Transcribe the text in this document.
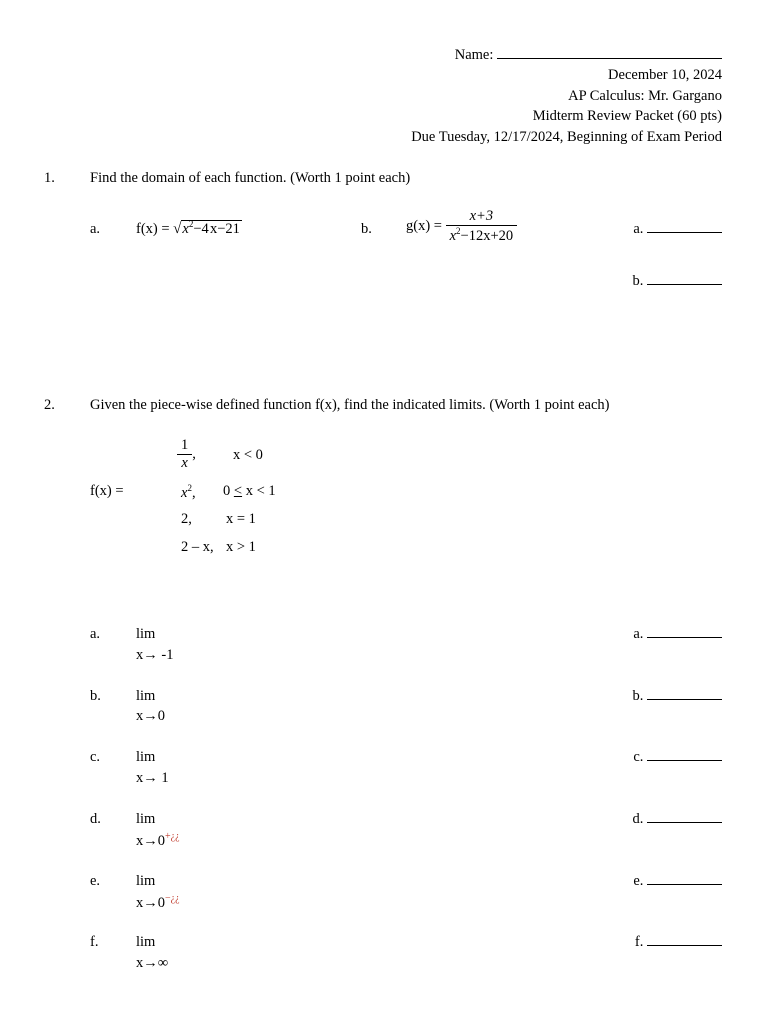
Name:
December 10, 2024
AP Calculus: Mr. Gargano
Midterm Review Packet (60 pts)
Due Tuesday, 12/17/2024, Beginning of Exam Period
1. Find the domain of each function. (Worth 1 point each)
a. $f(x) = √x^2-4$ x−21	b. $g(x) = \frac{x+3}{x^2-12x+20}$	a.
b.
2. Given the piece-wise defined function f(x), find the indicated limits. (Worth 1 point each)
f(x) =
$\frac{1}{x}$ ,	x < 0
$x^2$, 0 < x < 1
2, x = 1
2 – x, x > 1
a. lim
x→ -1
a.
b. lim
x→0
b.
c. lim
x→ 1
c.
d. lim
x→0+¿¿
d.
e. lim
x→0−¿¿
e.
f.	lim
x→∞
f.
